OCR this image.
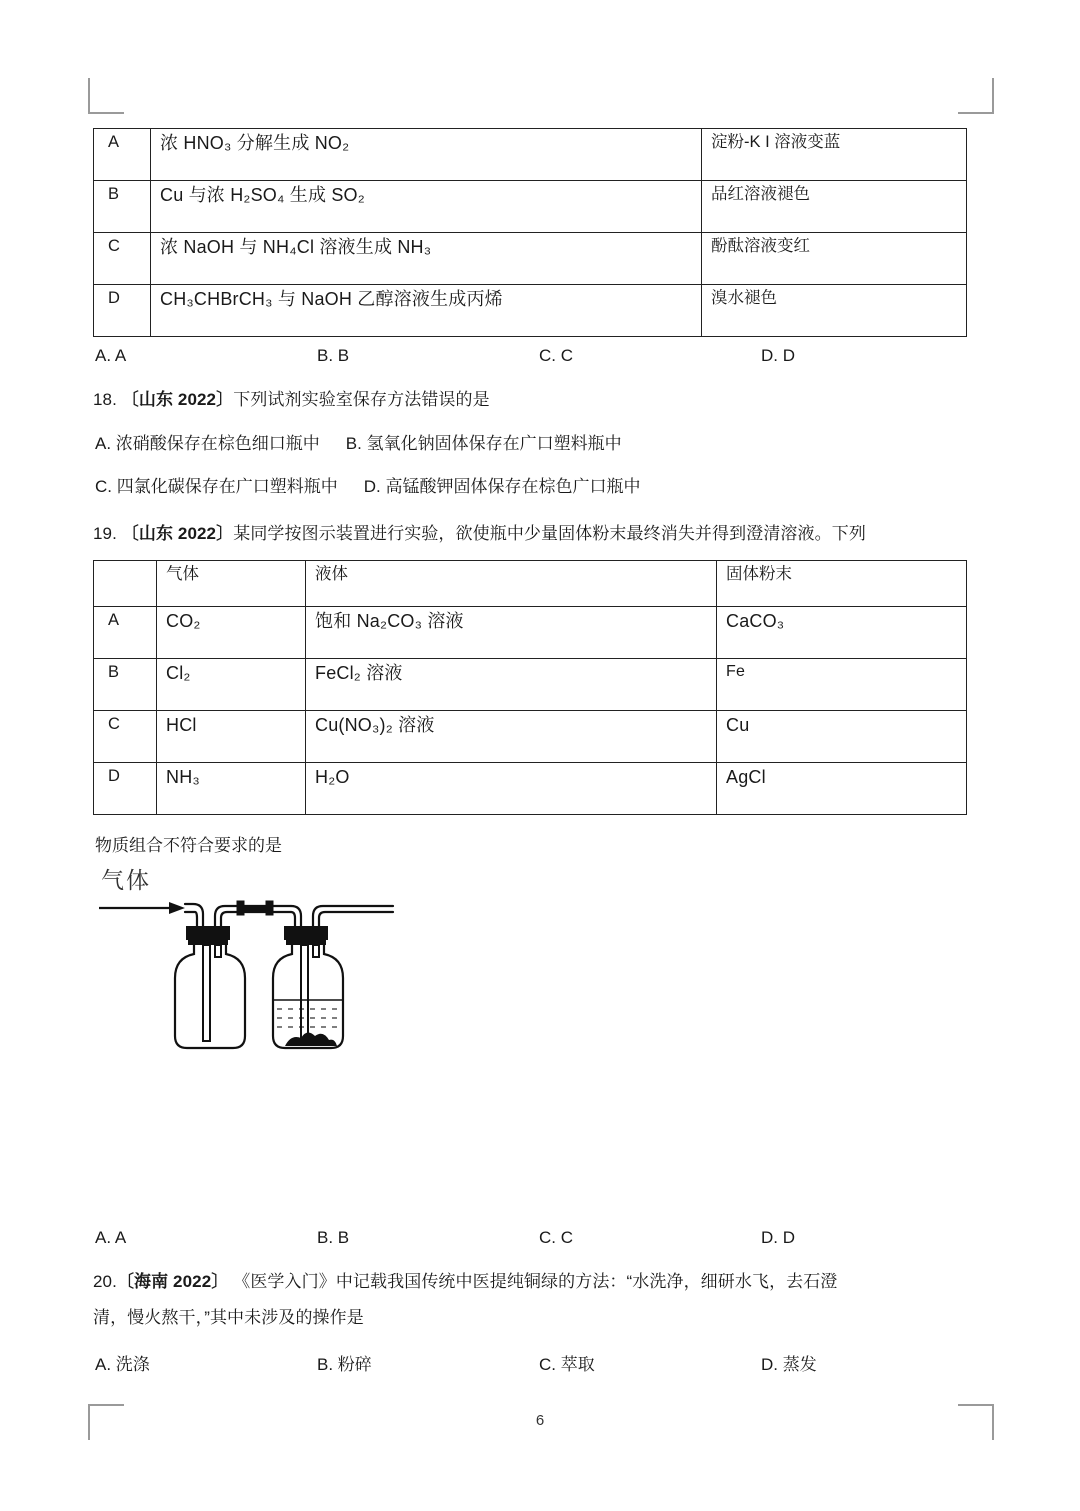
A	浓 HNO₃ 分解生成 NO₂	淀粉-K I 溶液变蓝

B	Cu 与浓 H₂SO₄ 生成 SO₂	品红溶液褪色

C	浓 NaOH 与 NH₄Cl 溶液生成 NH₃	酚酞溶液变红

D	CH₃CHBrCH₃ 与 NaOH 乙醇溶液生成丙烯	溴水褪色
A. A	B. B	C. C	D. D
18. 〔山东 2022〕下列试剂实验室保存方法错误的是
A. 浓硝酸保存在棕色细口瓶中 B. 氢氧化钠固体保存在广口塑料瓶中
C. 四氯化碳保存在广口塑料瓶中 D. 高锰酸钾固体保存在棕色广口瓶中
19. 〔山东 2022〕某同学按图示装置进行实验，欲使瓶中少量固体粉末最终消失并得到澄清溶液。下列

	气体	液体	固体粉末

A	CO₂	饱和 Na₂CO₃ 溶液	CaCO₃

B	Cl₂	FeCl₂ 溶液	Fe

C	HCl	Cu(NO₃)₂ 溶液	Cu

D	NH₃	H₂O	AgCl
物质组合不符合要求的是
气体
A. A	B. B	C. C	D. D
20.〔海南 2022〕 《医学入门》中记载我国传统中医提纯铜绿的方法：“水洗净，细研水飞，去石澄
清，慢火熬干，”其中未涉及的操作是
A. 洗涤	B. 粉碎	C. 萃取	D. 蒸发
6
